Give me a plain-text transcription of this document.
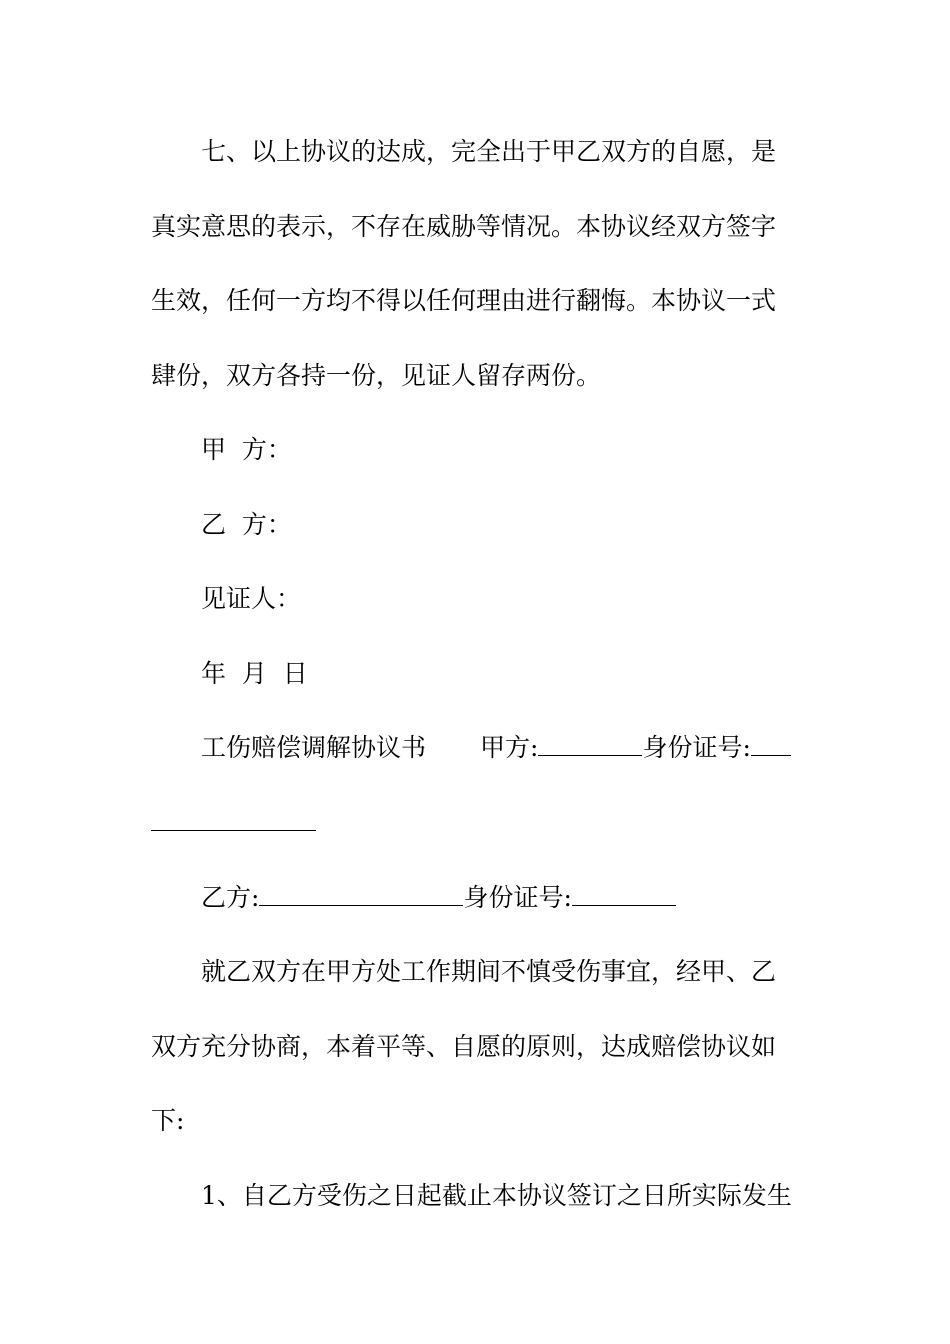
七、以上协议的达成，完全出于甲乙双方的自愿，是
真实意思的表示，不存在威胁等情况。本协议经双方签字
生效，任何一方均不得以任何理由进行翻悔。本协议一式
肆份，双方各持一份，见证人留存两份。
甲  方：
乙  方：
见证人：
年  月  日
工伤赔偿调解协议书 甲方:	身份证号:
乙方:	身份证号:
就乙双方在甲方处工作期间不慎受伤事宜，经甲、乙
双方充分协商，本着平等、自愿的原则，达成赔偿协议如
下:
1、自乙方受伤之日起截止本协议签订之日所实际发生
